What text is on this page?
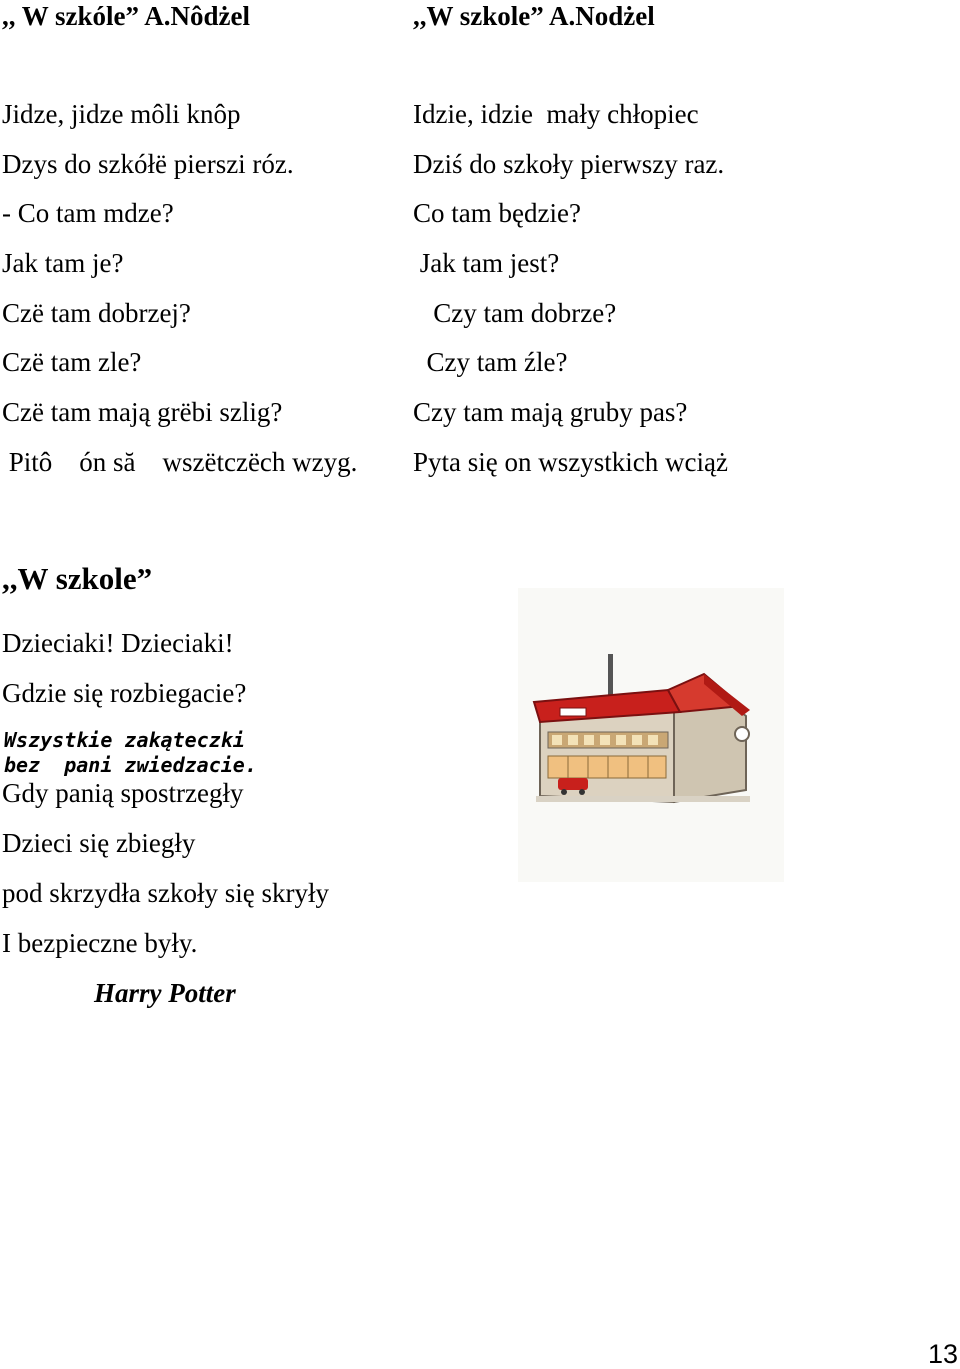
,, W szkóle” A.Nôdżel	,,W szkole” A.Nodżel
Jidze, jidze môli knôp
Dzys do szkółë pierszi róz.
- Co tam mdze?
Jak tam je?
Czë tam dobrzej?
Czë tam zle?
Czë tam mają grëbi szlig?
Pitô    ón să    wszëtczëch wzyg.
Idzie, idzie  mały chłopiec
Dziś do szkoły pierwszy raz.
Co tam będzie?
Jak tam jest?
Czy tam dobrze?
Czy tam źle?
Czy tam mają gruby pas?
Pyta się on wszystkich wciąż
,,W szkole”
Dzieciaki! Dzieciaki!
Gdzie się rozbiegacie?
Wszystkie zakąteczki
bez  pani zwiedzacie.
Gdy panią spostrzegły
Dzieci się zbiegły
pod skrzydła szkoły się skryły
I bezpieczne były.
Harry Potter
13
